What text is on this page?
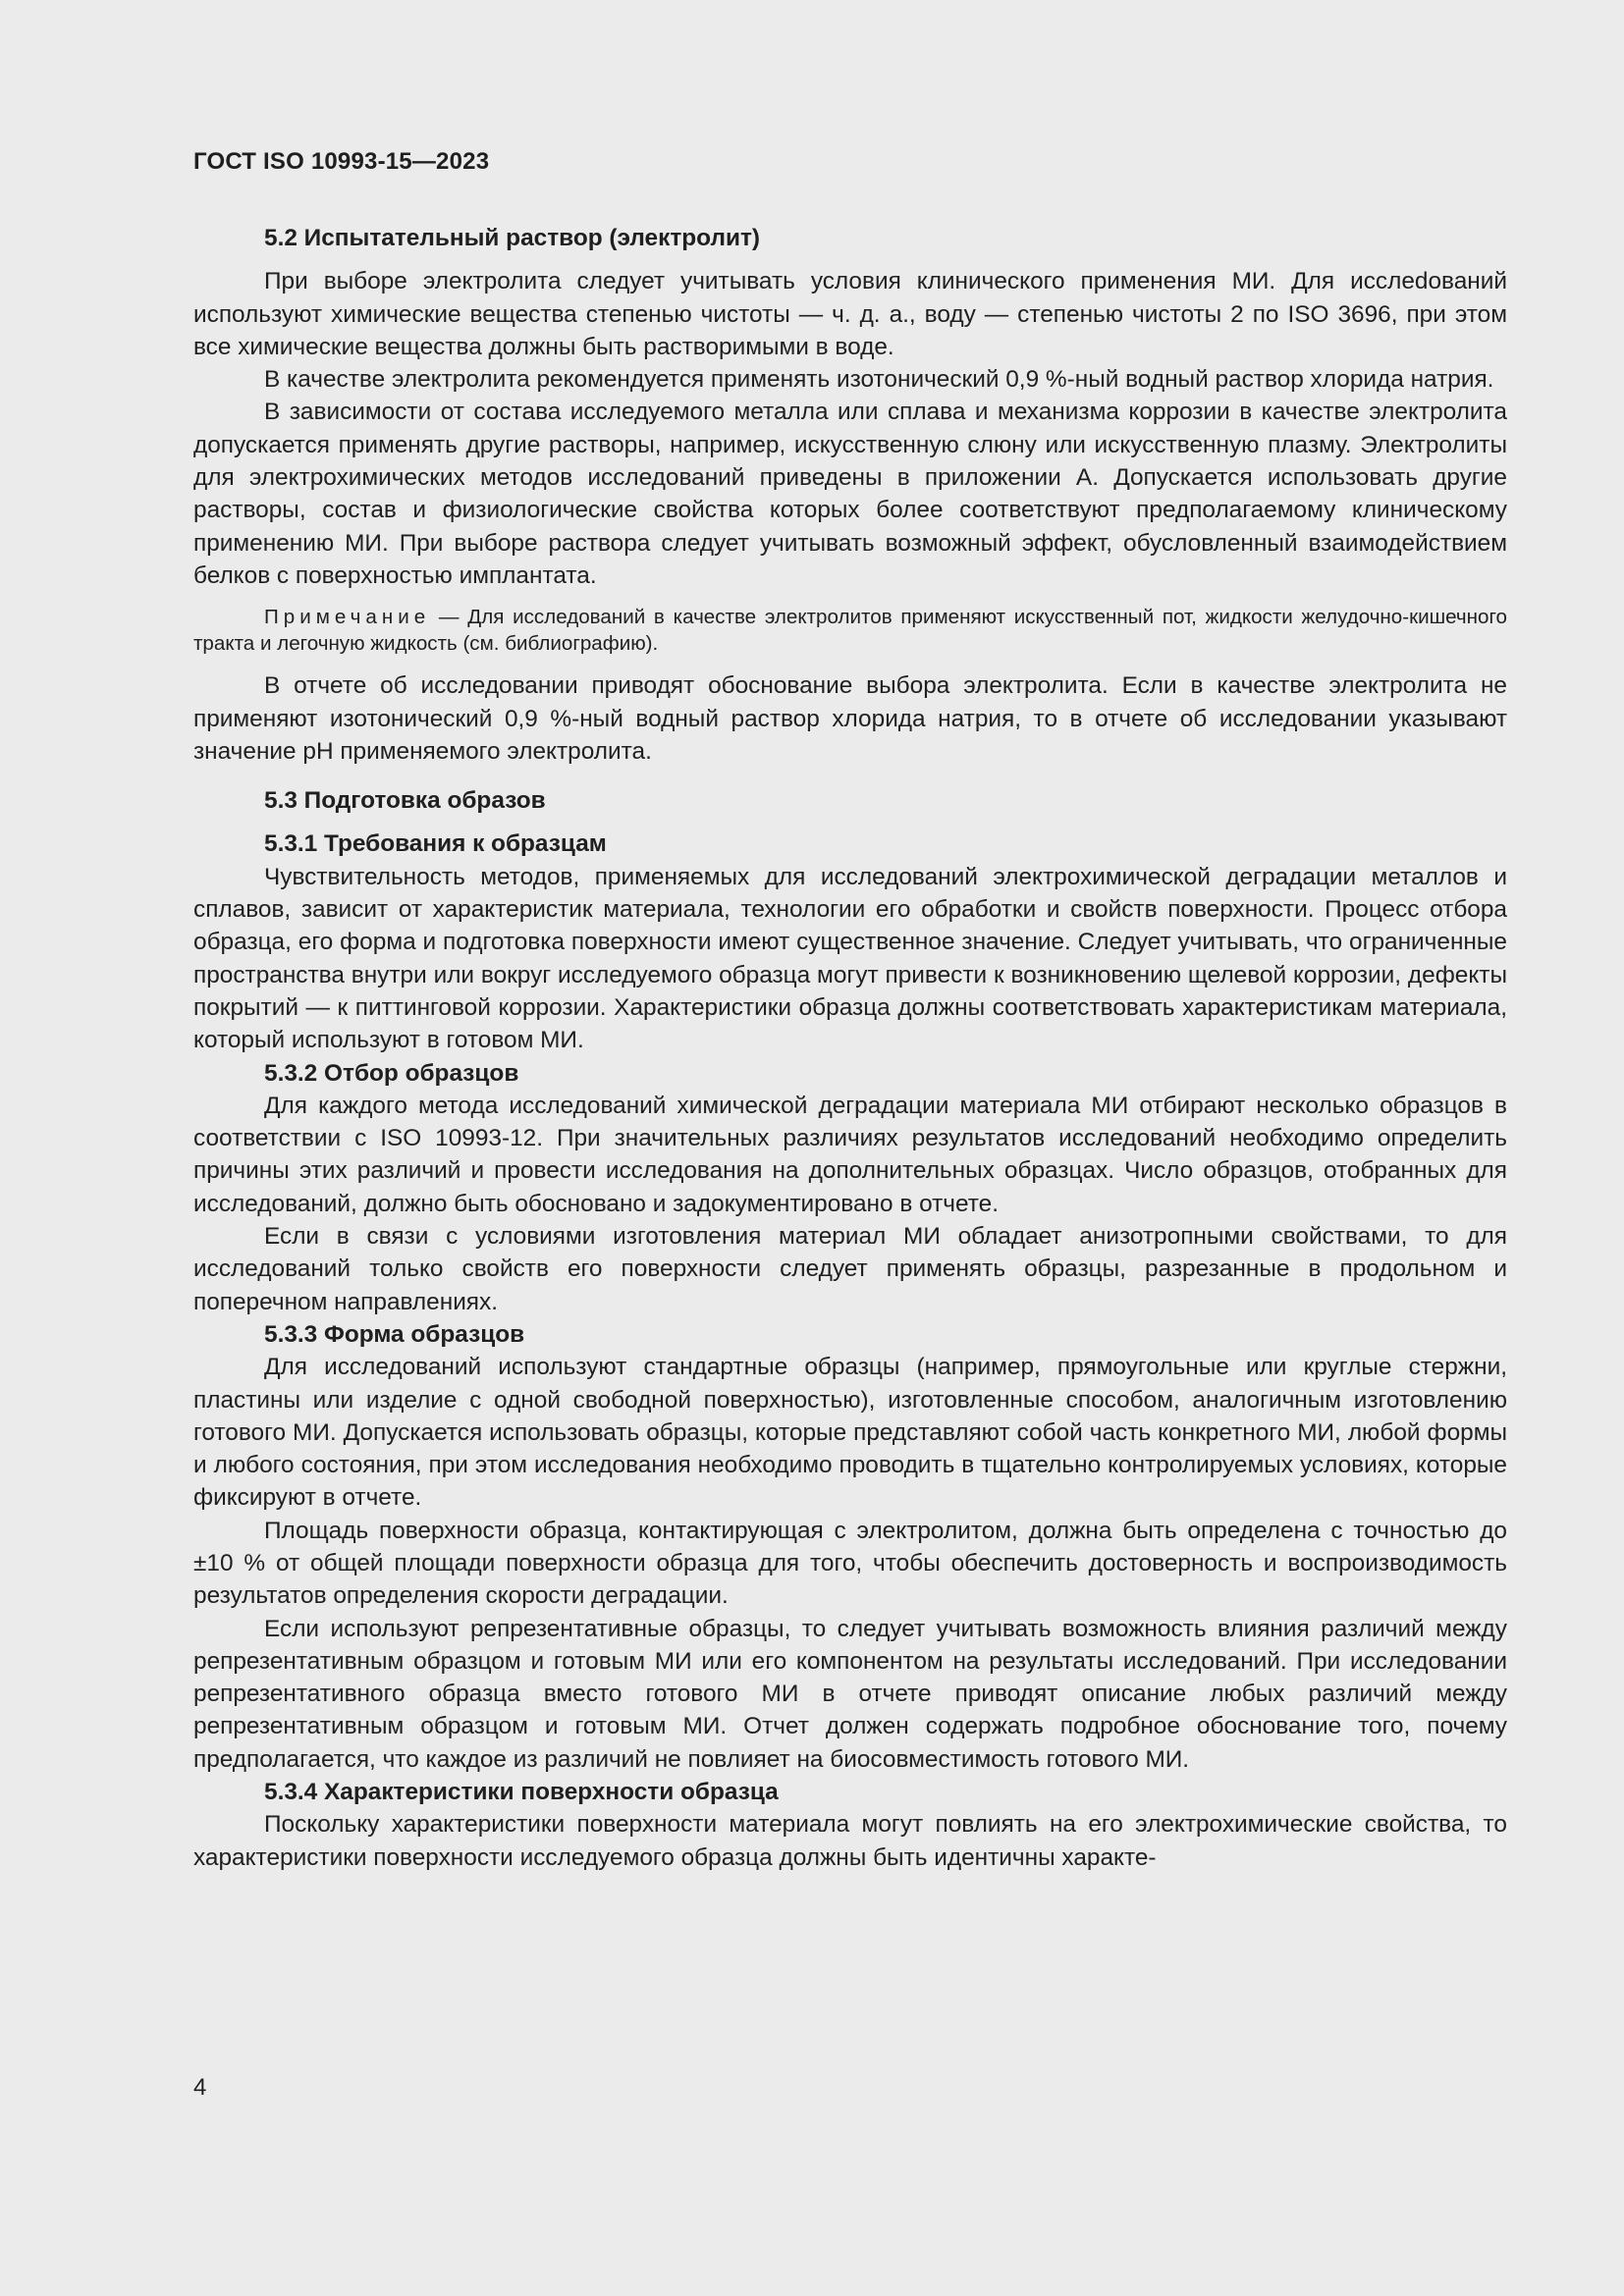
ГОСТ ISO 10993-15—2023
5.2 Испытательный раствор (электролит)

При выборе электролита следует учитывать условия клинического применения МИ. Для исслеdований используют химические вещества степенью чистоты — ч. д. а., воду — степенью чистоты 2 по ISO 3696, при этом все химические вещества должны быть растворимыми в воде.

В качестве электролита рекомендуется применять изотонический 0,9 %-ный водный раствор хлорида натрия.

В зависимости от состава исследуемого металла или сплава и механизма коррозии в качестве электролита допускается применять другие растворы, например, искусственную слюну или искусственную плазму. Электролиты для электрохимических методов исследований приведены в приложении А. Допускается использовать другие растворы, состав и физиологические свойства которых более соответствуют предполагаемому клиническому применению МИ. При выборе раствора следует учитывать возможный эффект, обусловленный взаимодействием белков с поверхностью имплантата.

Примечание — Для исследований в качестве электролитов применяют искусственный пот, жидкости желудочно-кишечного тракта и легочную жидкость (см. библиографию).

В отчете об исследовании приводят обоснование выбора электролита. Если в качестве электролита не применяют изотонический 0,9 %-ный водный раствор хлорида натрия, то в отчете об исследовании указывают значение pH применяемого электролита.

5.3 Подготовка образов
5.3.1 Требования к образцам

Чувствительность методов, применяемых для исследований электрохимической деградации металлов и сплавов, зависит от характеристик материала, технологии его обработки и свойств поверхности. Процесс отбора образца, его форма и подготовка поверхности имеют существенное значение. Следует учитывать, что ограниченные пространства внутри или вокруг исследуемого образца могут привести к возникновению щелевой коррозии, дефекты покрытий — к питтинговой коррозии. Характеристики образца должны соответствовать характеристикам материала, который используют в готовом МИ.

5.3.2 Отбор образцов

Для каждого метода исследований химической деградации материала МИ отбирают несколько образцов в соответствии с ISO 10993-12. При значительных различиях результатов исследований необходимо определить причины этих различий и провести исследования на дополнительных образцах. Число образцов, отобранных для исследований, должно быть обосновано и задокументировано в отчете.

Если в связи с условиями изготовления материал МИ обладает анизотропными свойствами, то для исследований только свойств его поверхности следует применять образцы, разрезанные в продольном и поперечном направлениях.

5.3.3 Форма образцов

Для исследований используют стандартные образцы (например, прямоугольные или круглые стержни, пластины или изделие с одной свободной поверхностью), изготовленные способом, аналогичным изготовлению готового МИ. Допускается использовать образцы, которые представляют собой часть конкретного МИ, любой формы и любого состояния, при этом исследования необходимо проводить в тщательно контролируемых условиях, которые фиксируют в отчете.

Площадь поверхности образца, контактирующая с электролитом, должна быть определена с точностью до ±10 % от общей площади поверхности образца для того, чтобы обеспечить достоверность и воспроизводимость результатов определения скорости деградации.

Если используют репрезентативные образцы, то следует учитывать возможность влияния различий между репрезентативным образцом и готовым МИ или его компонентом на результаты исследований. При исследовании репрезентативного образца вместо готового МИ в отчете приводят описание любых различий между репрезентативным образцом и готовым МИ. Отчет должен содержать подробное обоснование того, почему предполагается, что каждое из различий не повлияет на биосовместимость готового МИ.

5.3.4 Характеристики поверхности образца

Поскольку характеристики поверхности материала могут повлиять на его электрохимические свойства, то характеристики поверхности исследуемого образца должны быть идентичны характе-

4
